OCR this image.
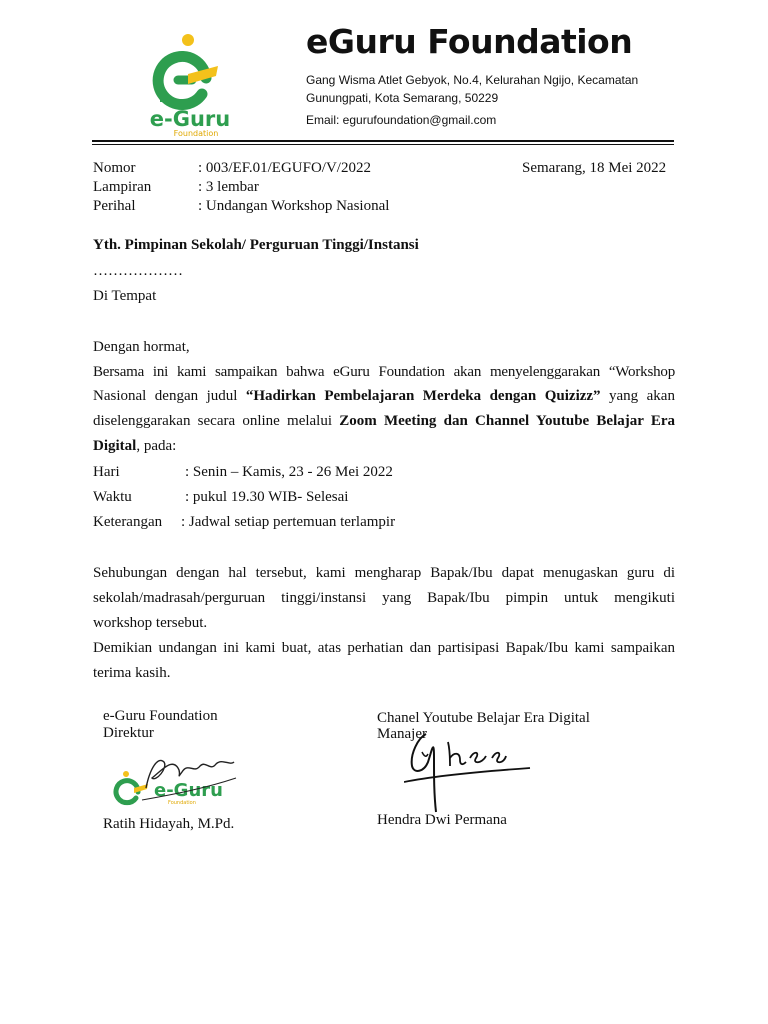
e-Guru
Foundation
eGuru Foundation
Gang Wisma Atlet Gebyok, No.4, Kelurahan Ngijo, Kecamatan
Gunungpati, Kota Semarang, 50229
Email: egurufoundation@gmail.com
Nomor	: 003/EF.01/EGUFO/V/2022	Semarang, 18 Mei 2022
Lampiran	: 3 lembar
Perihal	: Undangan Workshop Nasional
Yth. Pimpinan Sekolah/ Perguruan Tinggi/Instansi
………………
Di Tempat
Dengan hormat,
Bersama ini kami sampaikan bahwa eGuru Foundation akan menyelenggarakan “Workshop
Nasional dengan judul “Hadirkan Pembelajaran Merdeka dengan Quizizz” yang akan
diselenggarakan secara online melalui Zoom Meeting dan Channel Youtube Belajar Era
Digital, pada:
Hari	: Senin – Kamis, 23 - 26 Mei 2022
Waktu	: pukul 19.30 WIB- Selesai
Keterangan : Jadwal setiap pertemuan terlampir
Sehubungan dengan hal tersebut, kami mengharap Bapak/Ibu dapat menugaskan guru di
sekolah/madrasah/perguruan tinggi/instansi yang Bapak/Ibu pimpin untuk mengikuti
workshop tersebut.
Demikian undangan ini kami buat, atas perhatian dan partisipasi Bapak/Ibu kami sampaikan
terima kasih.
e-Guru Foundation
Direktur
e-Guru
Foundation
Ratih Hidayah, M.Pd.
Chanel Youtube Belajar Era Digital
Manajer
Hendra Dwi Permana
